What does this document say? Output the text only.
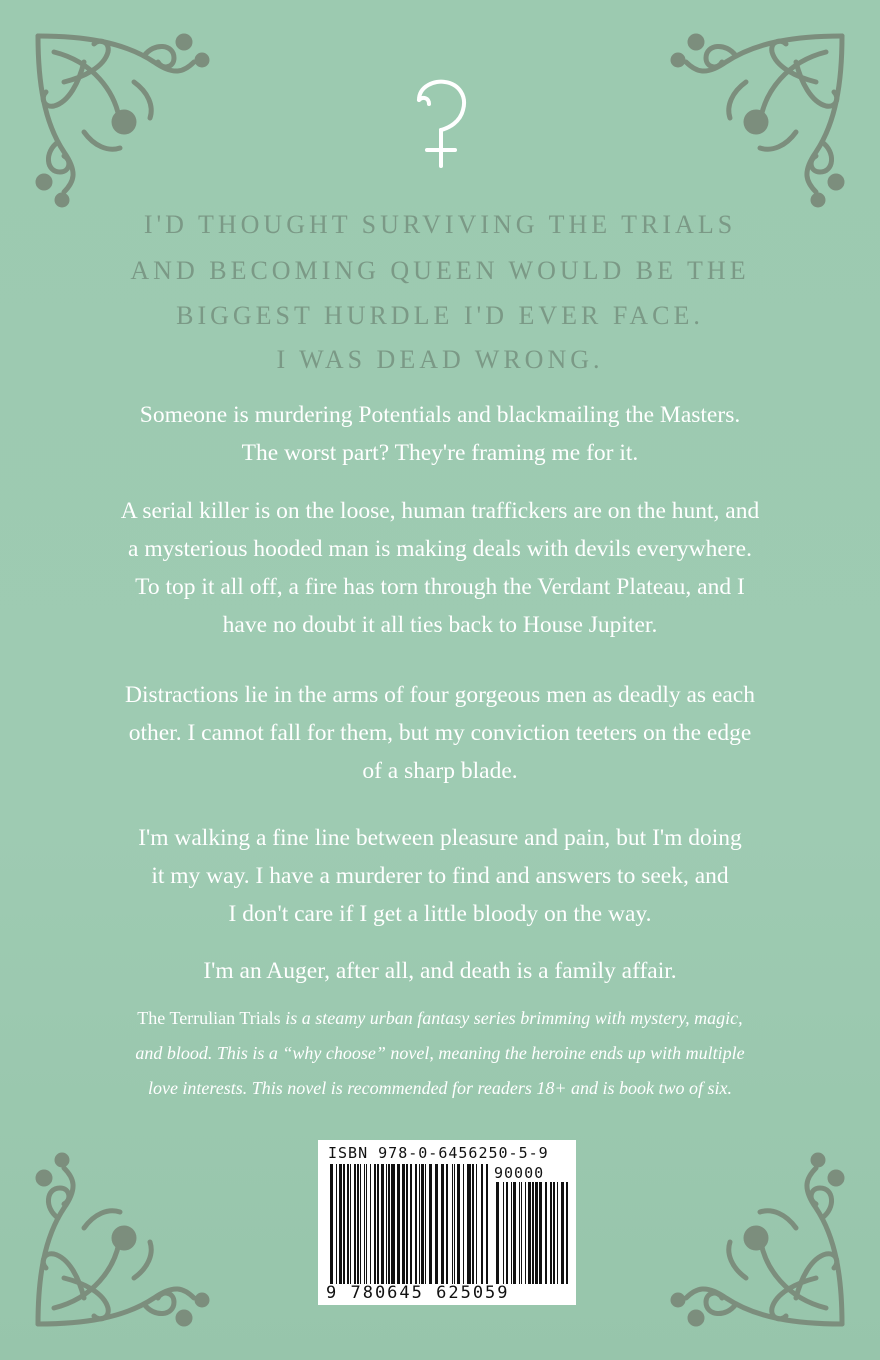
I'D THOUGHT SURVIVING THE TRIALS
AND BECOMING QUEEN WOULD BE THE
BIGGEST HURDLE I'D EVER FACE.
I WAS DEAD WRONG.
Someone is murdering Potentials and blackmailing the Masters.
The worst part? They're framing me for it.
A serial killer is on the loose, human traffickers are on the hunt, and
a mysterious hooded man is making deals with devils everywhere.
To top it all off, a fire has torn through the Verdant Plateau, and I
have no doubt it all ties back to House Jupiter.
Distractions lie in the arms of four gorgeous men as deadly as each
other. I cannot fall for them, but my conviction teeters on the edge
of a sharp blade.
I'm walking a fine line between pleasure and pain, but I'm doing
it my way. I have a murderer to find and answers to seek, and
I don't care if I get a little bloody on the way.
I'm an Auger, after all, and death is a family affair.
The Terrulian Trials is a steamy urban fantasy series brimming with mystery, magic,
and blood. This is a “why choose” novel, meaning the heroine ends up with multiple
love interests. This novel is recommended for readers 18+ and is book two of six.
ISBN 978-0-6456250-5-9
90000
9 780645 625059
